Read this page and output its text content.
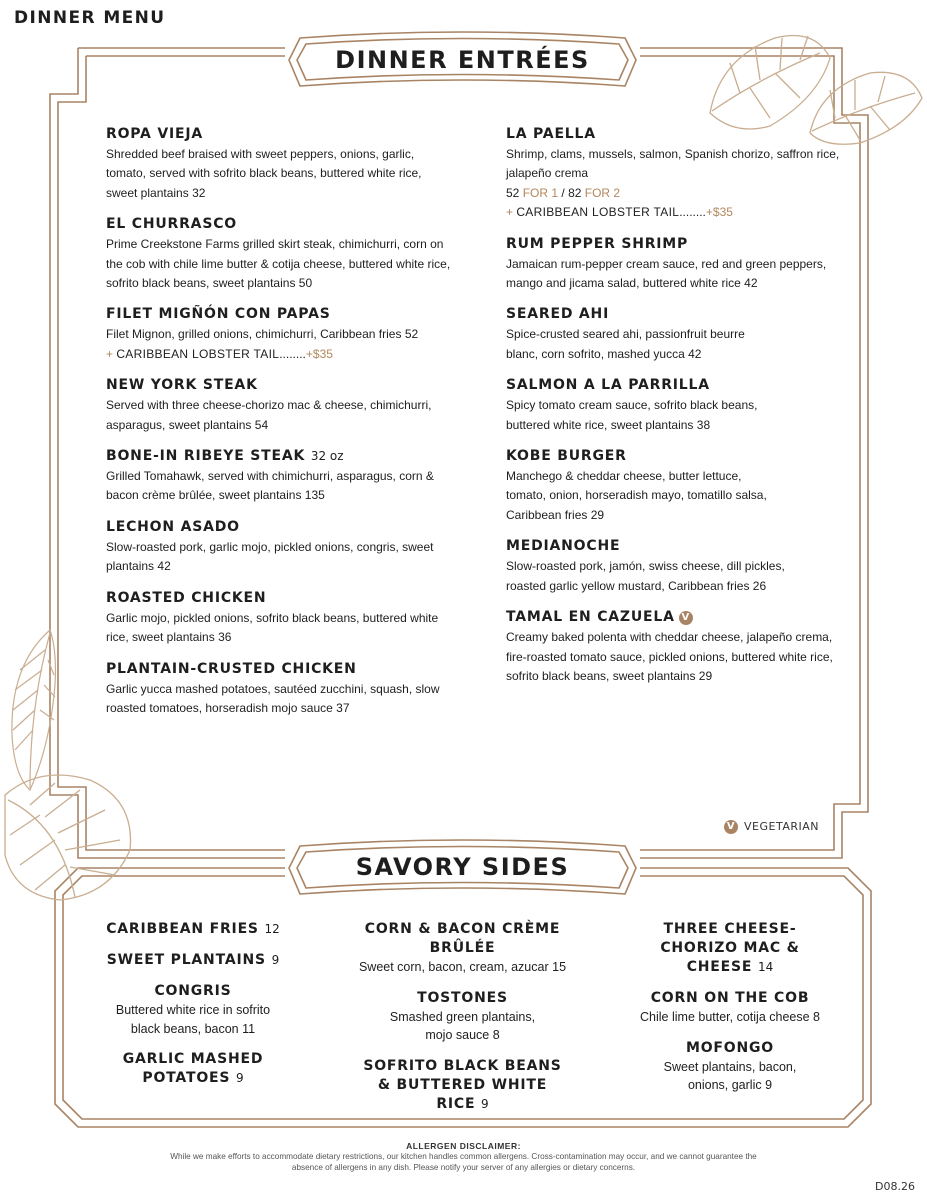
DINNER MENU
DINNER ENTRÉES
SAVORY SIDES
ROPA VIEJA
Shredded beef braised with sweet peppers, onions, garlic, tomato, served with sofrito black beans, buttered white rice, sweet plantains 32
EL CHURRASCO
Prime Creekstone Farms grilled skirt steak, chimichurri, corn on the cob with chile lime butter & cotija cheese, buttered white rice, sofrito black beans, sweet plantains 50
FILET MIGÑÓN CON PAPAS
Filet Mignon, grilled onions, chimichurri, Caribbean fries 52
+ CARIBBEAN LOBSTER TAIL........+$35
NEW YORK STEAK
Served with three cheese-chorizo mac & cheese, chimichurri, asparagus, sweet plantains 54
BONE-IN RIBEYE STEAK 32 oz
Grilled Tomahawk, served with chimichurri, asparagus, corn & bacon crème brûlée, sweet plantains 135
LECHON ASADO
Slow-roasted pork, garlic mojo, pickled onions, congris, sweet plantains 42
ROASTED CHICKEN
Garlic mojo, pickled onions, sofrito black beans, buttered white rice, sweet plantains 36
PLANTAIN-CRUSTED CHICKEN
Garlic yucca mashed potatoes, sautéed zucchini, squash, slow roasted tomatoes, horseradish mojo sauce 37
LA PAELLA
Shrimp, clams, mussels, salmon, Spanish chorizo, saffron rice, jalapeño crema
52 FOR 1 / 82 FOR 2
+ CARIBBEAN LOBSTER TAIL........+$35
RUM PEPPER SHRIMP
Jamaican rum-pepper cream sauce, red and green peppers, mango and jicama salad, buttered white rice 42
SEARED AHI
Spice-crusted seared ahi, passionfruit beurre blanc, corn sofrito, mashed yucca 42
SALMON A LA PARRILLA
Spicy tomato cream sauce, sofrito black beans, buttered white rice, sweet plantains 38
KOBE BURGER
Manchego & cheddar cheese, butter lettuce, tomato, onion, horseradish mayo, tomatillo salsa, Caribbean fries 29
MEDIANOCHE
Slow-roasted pork, jamón, swiss cheese, dill pickles, roasted garlic yellow mustard, Caribbean fries 26
TAMAL EN CAZUELA V
Creamy baked polenta with cheddar cheese, jalapeño crema, fire-roasted tomato sauce, pickled onions, buttered white rice, sofrito black beans, sweet plantains 29
V VEGETARIAN
CARIBBEAN FRIES 12
SWEET PLANTAINS 9
CONGRIS
Buttered white rice in sofrito black beans, bacon 11
GARLIC MASHED POTATOES 9
CORN & BACON CRÈME BRÛLÉE
Sweet corn, bacon, cream, azucar 15
TOSTONES
Smashed green plantains, mojo sauce 8
SOFRITO BLACK BEANS & BUTTERED WHITE RICE 9
THREE CHEESE-CHORIZO MAC & CHEESE 14
CORN ON THE COB
Chile lime butter, cotija cheese 8
MOFONGO
Sweet plantains, bacon, onions, garlic 9
ALLERGEN DISCLAIMER:
While we make efforts to accommodate dietary restrictions, our kitchen handles common allergens. Cross-contamination may occur, and we cannot guarantee the absence of allergens in any dish. Please notify your server of any allergies or dietary concerns.
D08.26
